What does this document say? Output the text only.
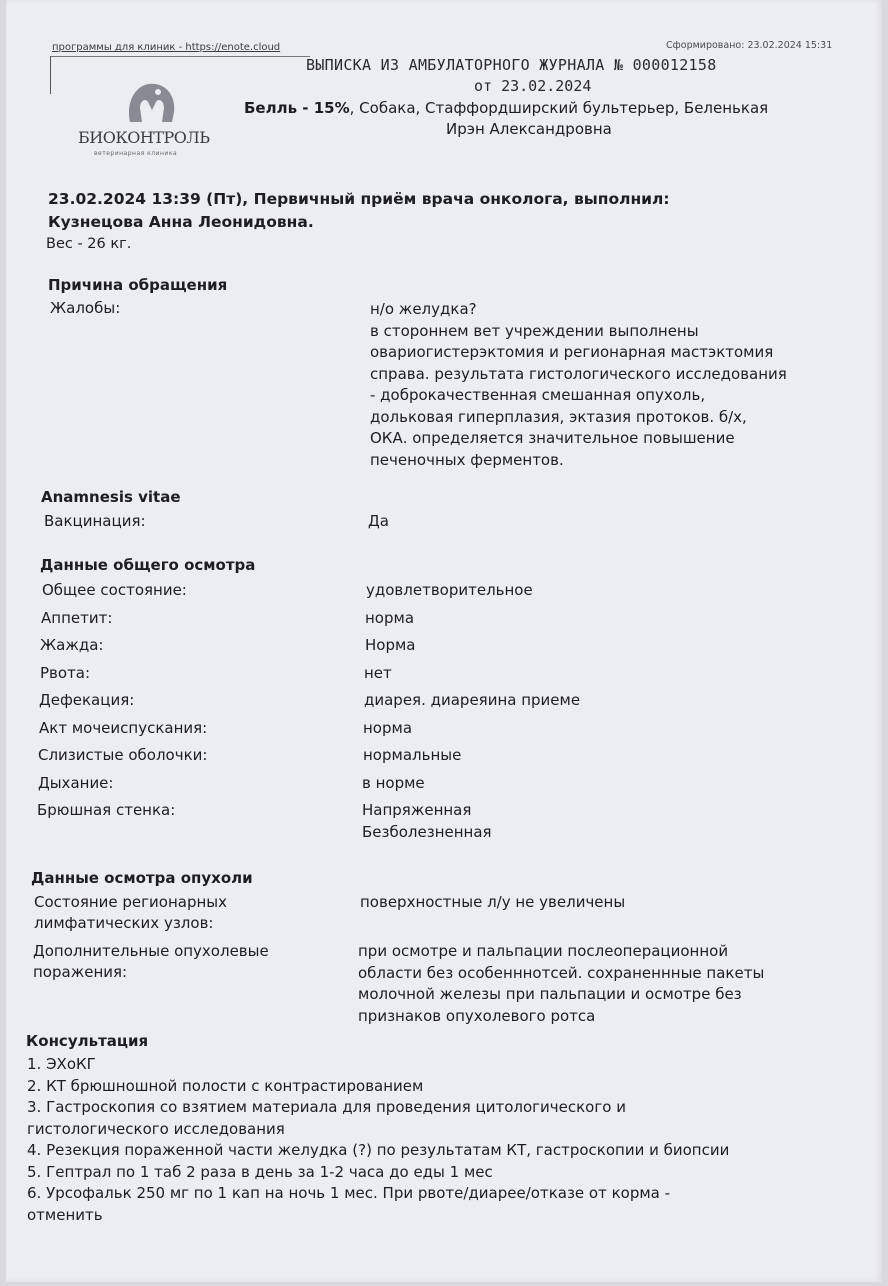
программы для клиник - https://enote.cloud	Сформировано: 23.02.2024 15:31
ВЫПИСКА ИЗ АМБУЛАТОРНОГО ЖУРНАЛА № 000012158
от 23.02.2024
Белль - 15%, Собака, Стаффордширский бультерьер, Беленькая
Ирэн Александровна
БИОКОНТРОЛЬ
ветеринарная клиника
23.02.2024 13:39 (Пт), Первичный приём врача онколога, выполнил:
Кузнецова Анна Леонидовна.
Вес - 26 кг.
Причина обращения
Жалобы:	н/о желудка?
в стороннем вет учреждении выполнены
овариогистерэктомия и регионарная мастэктомия
справа. результата гистологического исследования
- доброкачественная смешанная опухоль,
дольковая гиперплазия, эктазия протоков. б/х,
ОКА. определяется значительное повышение
печеночных ферментов.
Anamnesis vitae
Вакцинация:	Да
Данные общего осмотра
Общее состояние:	удовлетворительное
Аппетит:	норма
Жажда:	Норма
Рвота:	нет
Дефекация:	диарея. диареяина приеме
Акт мочеиспускания:	норма
Слизистые оболочки:	нормальные
Дыхание:	в норме
Брюшная стенка:	Напряженная
Безболезненная
Данные осмотра опухоли
Состояние регионарных
лимфатических узлов:
поверхностные л/у не увеличены
Дополнительные опухолевые
поражения:
при осмотре и пальпации послеоперационной
области без особенннотсей. сохраненнные пакеты
молочной железы при пальпации и осмотре без
признаков опухолевого ротса
Консультация
1. ЭХоКГ
2. КТ брюшношной полости с контрастированием
3. Гастроскопия со взятием материала для проведения цитологического и
гистологического исследования
4. Резекция пораженной части желудка (?) по результатам КТ, гастроскопии и биопсии
5. Гептрал по 1 таб 2 раза в день за 1-2 часа до еды 1 мес
6. Урсофальк 250 мг по 1 кап на ночь 1 мес. При рвоте/диарее/отказе от корма -
отменить
